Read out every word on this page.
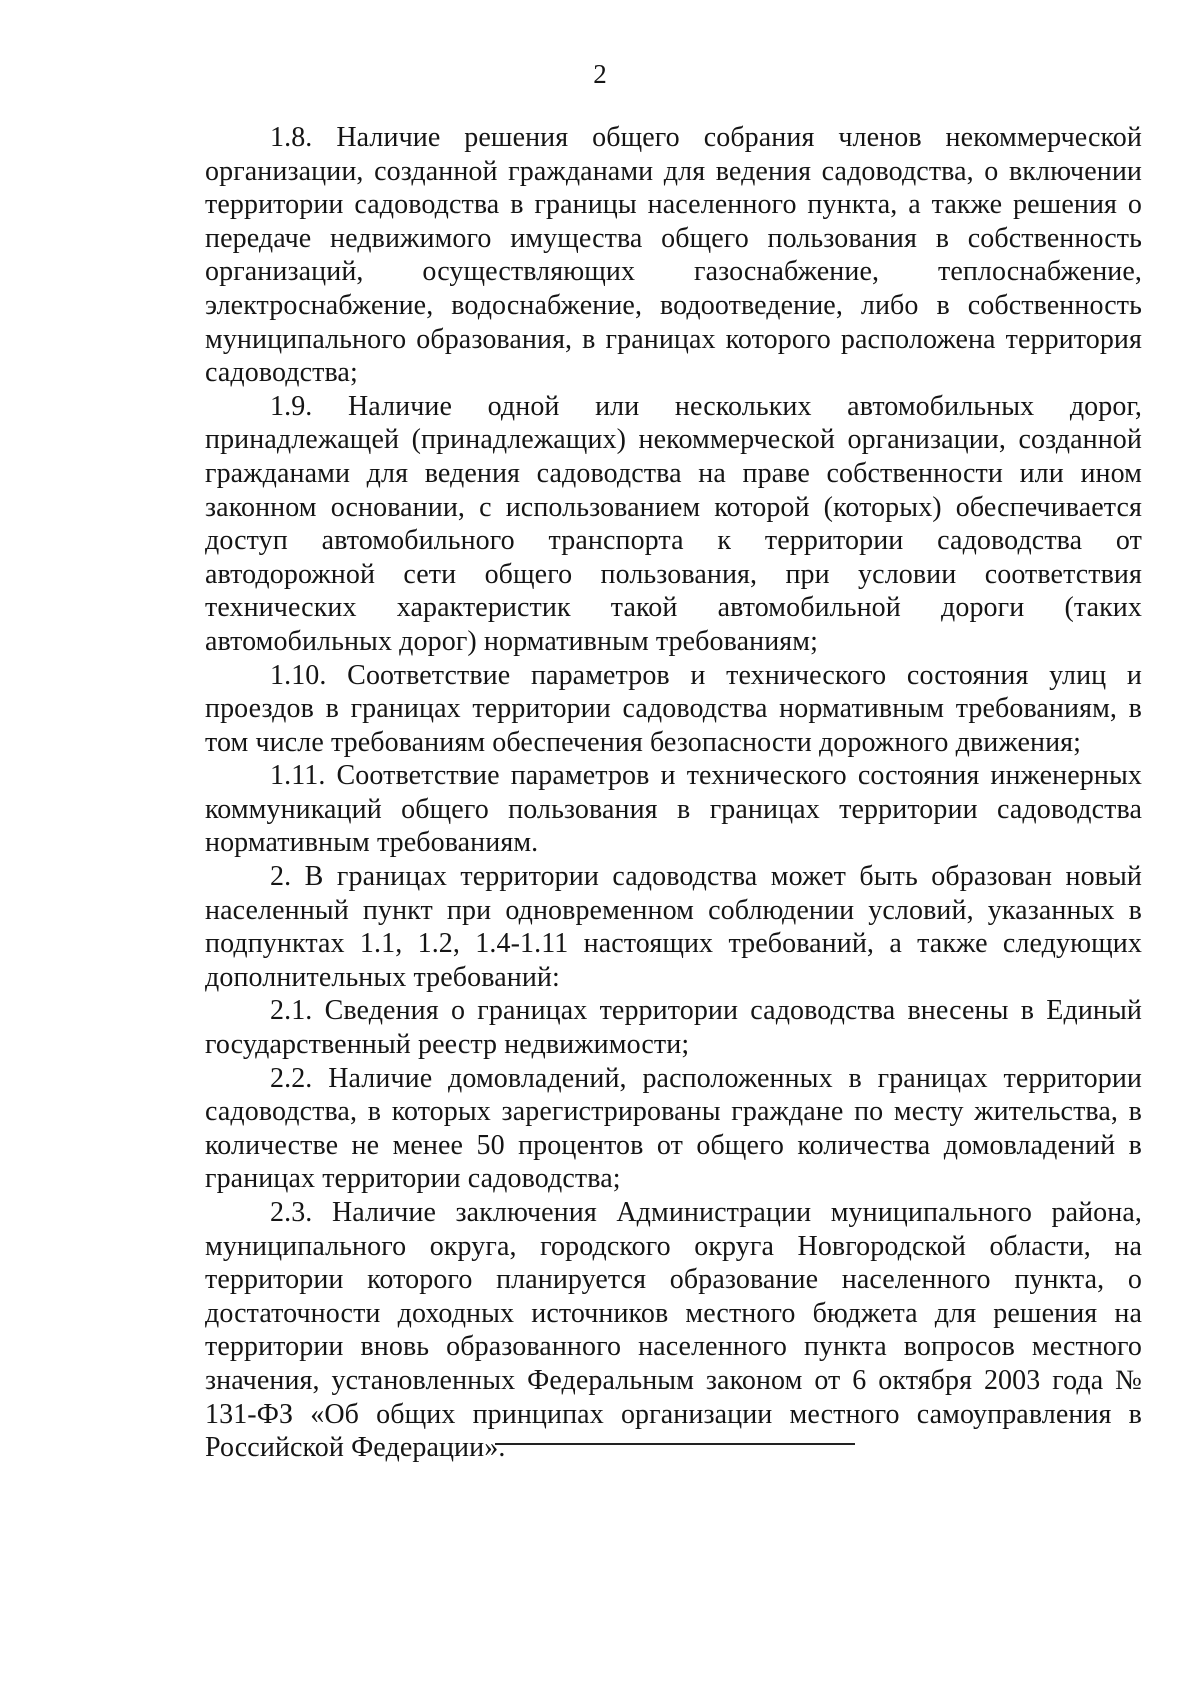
2

1.8. Наличие решения общего собрания членов некоммерческой организации, созданной гражданами для ведения садоводства, о включении территории садоводства в границы населенного пункта, а также решения о передаче недвижимого имущества общего пользования в собственность организаций, осуществляющих газоснабжение, теплоснабжение, электроснабжение, водоснабжение, водоотведение, либо в собственность муниципального образования, в границах которого расположена территория садоводства;

1.9. Наличие одной или нескольких автомобильных дорог, принадлежащей (принадлежащих) некоммерческой организации, созданной гражданами для ведения садоводства на праве собственности или ином законном основании, с использованием которой (которых) обеспечивается доступ автомобильного транспорта к территории садоводства от автодорожной сети общего пользования, при условии соответствия технических характеристик такой автомобильной дороги (таких автомобильных дорог) нормативным требованиям;

1.10. Соответствие параметров и технического состояния улиц и проездов в границах территории садоводства нормативным требованиям, в том числе требованиям обеспечения безопасности дорожного движения;

1.11. Соответствие параметров и технического состояния инженерных коммуникаций общего пользования в границах территории садоводства нормативным требованиям.

2. В границах территории садоводства может быть образован новый населенный пункт при одновременном соблюдении условий, указанных в подпунктах 1.1, 1.2, 1.4-1.11 настоящих требований, а также следующих дополнительных требований:

2.1. Сведения о границах территории садоводства внесены в Единый государственный реестр недвижимости;

2.2. Наличие домовладений, расположенных в границах территории садоводства, в которых зарегистрированы граждане по месту жительства, в количестве не менее 50 процентов от общего количества домовладений в границах территории садоводства;

2.3. Наличие заключения Администрации муниципального района, муниципального округа, городского округа Новгородской области, на территории которого планируется образование населенного пункта, о достаточности доходных источников местного бюджета для решения на территории вновь образованного населенного пункта вопросов местного значения, установленных Федеральным законом от 6 октября 2003 года № 131-ФЗ «Об общих принципах организации местного самоуправления в Российской Федерации».
